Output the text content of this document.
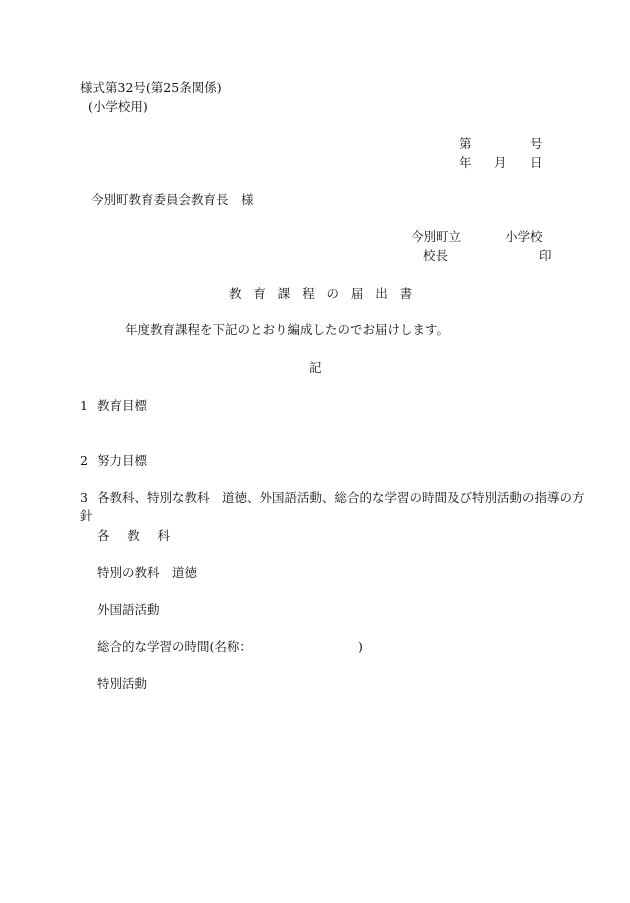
様式第32号(第25条関係)
(小学校用)
第	号
年 月 日
今別町教育委員会教育長　様
今別町立	小学校
校長	印
教育課程の届出書
年度教育課程を下記のとおり編成したのでお届けします。
記
1 教育目標
2 努力目標
3 各教科、特別な教科　道徳、外国語活動、総合的な学習の時間及び特別活動の指導の方
針
各 教 科
特別の教科　道徳
外国語活動
総合的な学習の時間(名称：	)
特別活動
